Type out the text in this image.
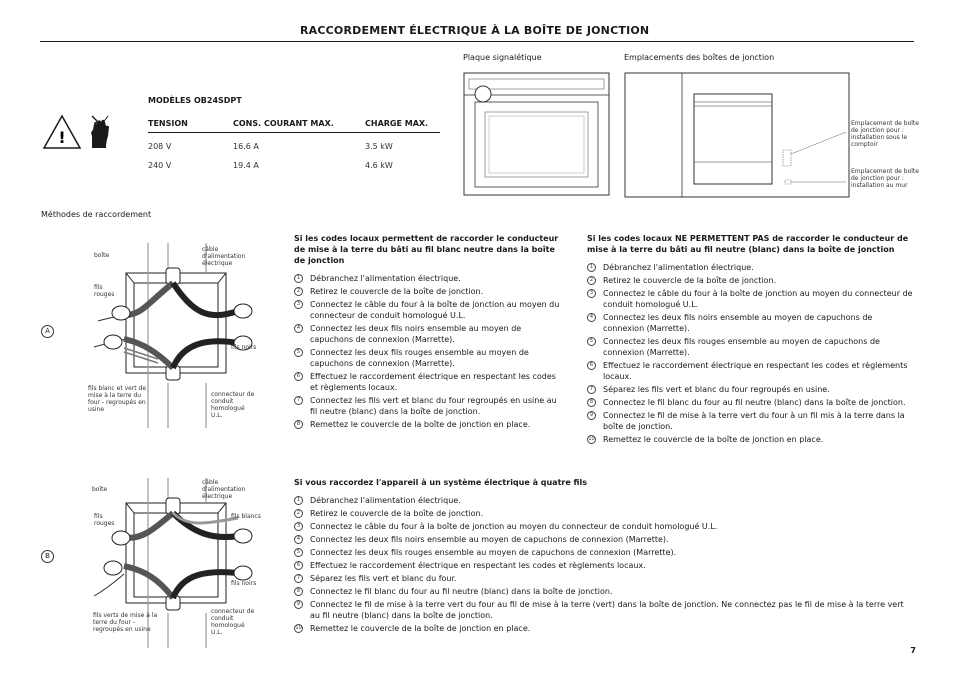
RACCORDEMENT ÉLECTRIQUE À LA BOÎTE DE JONCTION
!
MODÈLES OB24SDPT
TENSION	CONS. COURANT MAX.	CHARGE MAX.
208 V	16.6 A	3.5 kW
240 V	19.4 A	4.6 kW
Plaque signalétique	Emplacements des boîtes de jonction
Emplacement de boîte de jonction pour : installation sous le comptoir
Emplacement de boîte de jonction pour : installation au mur
Méthodes de raccordement
A
boîte
câble d'alimentation électrique
fils rouges
fils noirs
fils blanc et vert de mise à la terre du four - regroupés en usine
connecteur de conduit homologué U.L.
Si les codes locaux permettent de raccorder le conducteur de mise à la terre du bâti au fil blanc neutre dans la boîte de jonction
1	Débranchez l'alimentation électrique.
2	Retirez le couvercle de la boîte de jonction.
3	Connectez le câble du four à la boîte de jonction au moyen du connecteur de conduit homologué U.L.
4	Connectez les deux fils noirs ensemble au moyen de capuchons de connexion (Marrette).
5	Connectez les deux fils rouges ensemble au moyen de capuchons de connexion (Marrette).
6	Effectuez le raccordement électrique en respectant les codes et règlements locaux.
7	Connectez les fils vert et blanc du four regroupés en usine au fil neutre (blanc) dans la boîte de jonction.
8	Remettez le couvercle de la boîte de jonction en place.
Si les codes locaux NE PERMETTENT PAS de raccorder le conducteur de mise à la terre du bâti au fil neutre (blanc) dans la boîte de jonction
1	Débranchez l'alimentation électrique.
2	Retirez le couvercle de la boîte de jonction.
3	Connectez le câble du four à la boîte de jonction au moyen du connecteur de conduit homologué U.L.
4	Connectez les deux fils noirs ensemble au moyen de capuchons de connexion (Marrette).
5	Connectez les deux fils rouges ensemble au moyen de capuchons de connexion (Marrette).
6	Effectuez le raccordement électrique en respectant les codes et règlements locaux.
7	Séparez les fils vert et blanc du four regroupés en usine.
8	Connectez le fil blanc du four au fil neutre (blanc) dans la boîte de jonction.
9	Connectez le fil de mise à la terre vert du four à un fil mis à la terre dans la boîte de jonction.
10 Remettez le couvercle de la boîte de jonction en place.
B
boîte
câble d'alimentation électrique
fils rouges
fils blancs
fils noirs
fils verts de mise à la terre du four - regroupés en usine
connecteur de conduit homologué U.L.
Si vous raccordez l'appareil à un système électrique à quatre fils
1	Débranchez l'alimentation électrique.
2	Retirez le couvercle de la boîte de jonction.
3	Connectez le câble du four à la boîte de jonction au moyen du connecteur de conduit homologué U.L.
4	Connectez les deux fils noirs ensemble au moyen de capuchons de connexion (Marrette).
5	Connectez les deux fils rouges ensemble au moyen de capuchons de connexion (Marrette).
6	Effectuez le raccordement électrique en respectant les codes et règlements locaux.
7	Séparez les fils vert et blanc du four.
8	Connectez le fil blanc du four au fil neutre (blanc) dans la boîte de jonction.
9	Connectez le fil de mise à la terre vert du four au fil de mise à la terre (vert) dans la boîte de jonction. Ne connectez pas le fil de mise à la terre vert au fil neutre (blanc) dans la boîte de jonction.
10 Remettez le couvercle de la boîte de jonction en place.
7
